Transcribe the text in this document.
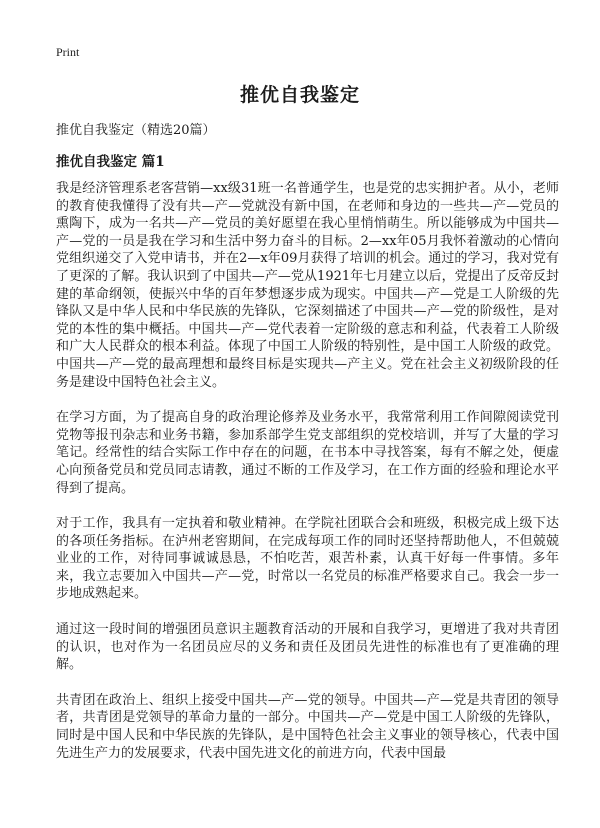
Print
推优自我鉴定

推优自我鉴定（精选20篇）

推优自我鉴定 篇1

我是经济管理系老客营销—xx级31班一名普通学生，也是党的忠实拥护者。从小，老师的教育使我懂得了没有共—产—党就没有新中国，在老师和身边的一些共—产—党员的熏陶下，成为一名共—产—党员的美好愿望在我心里悄悄萌生。所以能够成为中国共—产—党的一员是我在学习和生活中努力奋斗的目标。2—xx年05月我怀着激动的心情向党组织递交了入党申请书，并在2—x年09月获得了培训的机会。通过的学习，我对党有了更深的了解。我认识到了中国共—产—党从1921年七月建立以后，党提出了反帝反封建的革命纲领，使振兴中华的百年梦想逐步成为现实。中国共—产—党是工人阶级的先锋队又是中华人民和中华民族的先锋队，它深刻描述了中国共—产—党的阶级性，是对党的本性的集中概括。中国共—产—党代表着一定阶级的意志和利益，代表着工人阶级和广大人民群众的根本利益。体现了中国工人阶级的特别性，是中国工人阶级的政党。中国共—产—党的最高理想和最终目标是实现共—产主义。党在社会主义初级阶段的任务是建设中国特色社会主义。

在学习方面，为了提高自身的政治理论修养及业务水平，我常常利用工作间隙阅读党刊党物等报刊杂志和业务书籍，参加系部学生党支部组织的党校培训，并写了大量的学习笔记。经常性的结合实际工作中存在的问题，在书本中寻找答案，每有不解之处，便虚心向预备党员和党员同志请教，通过不断的工作及学习，在工作方面的经验和理论水平得到了提高。

对于工作，我具有一定执着和敬业精神。在学院社团联合会和班级，积极完成上级下达的各项任务指标。在泸州老窖期间，在完成每项工作的同时还坚持帮助他人，不但兢兢业业的工作，对待同事诚诚恳恳，不怕吃苦，艰苦朴素，认真干好每一件事情。多年来，我立志要加入中国共—产—党，时常以一名党员的标准严格要求自己。我会一步一步地成熟起来。

通过这一段时间的增强团员意识主题教育活动的开展和自我学习，更增进了我对共青团的认识，也对作为一名团员应尽的义务和责任及团员先进性的标准也有了更准确的理解。

共青团在政治上、组织上接受中国共—产—党的领导。中国共—产—党是共青团的领导者，共青团是党领导的革命力量的一部分。中国共—产—党是中国工人阶级的先锋队，同时是中国人民和中华民族的先锋队，是中国特色社会主义事业的领导核心，代表中国先进生产力的发展要求，代表中国先进文化的前进方向，代表中国最
